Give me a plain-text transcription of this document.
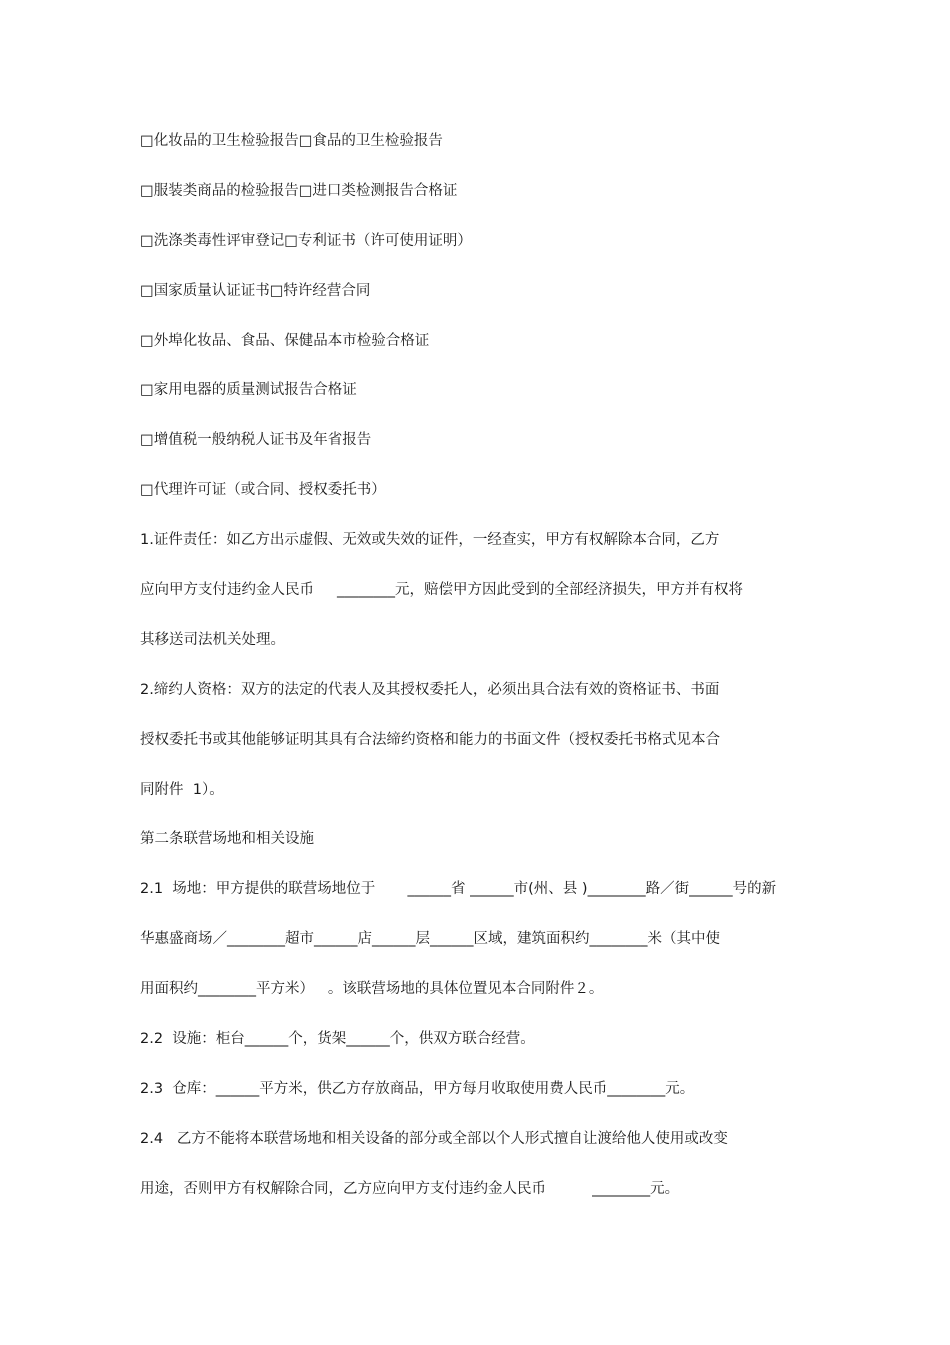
□化妆品的卫生检验报告□食品的卫生检验报告
□服装类商品的检验报告□进口类检测报告合格证
□洗涤类毒性评审登记□专利证书（许可使用证明）
□国家质量认证证书□特许经营合同
□外埠化妆品、食品、保健品本市检验合格证
□家用电器的质量测试报告合格证
□增值税一般纳税人证书及年省报告
□代理许可证（或合同、授权委托书）
1.证件责任：如乙方出示虚假、无效或失效的证件，一经查实，甲方有权解除本合同，乙方
应向甲方支付违约金人民币     ________元，赔偿甲方因此受到的全部经济损失，甲方并有权将
其移送司法机关处理。
2.缔约人资格：双方的法定的代表人及其授权委托人，必须出具合法有效的资格证书、书面
授权委托书或其他能够证明其具有合法缔约资格和能力的书面文件（授权委托书格式见本合
同附件  1）。
第二条联营场地和相关设施
2.1  场地：甲方提供的联营场地位于       ______省 ______市(州、县 )________路／街______号的新
华惠盛商场／________超市______店______层______区域，建筑面积约________米（其中使
用面积约________平方米）   。该联营场地的具体位置见本合同附件２。
2.2  设施：柜台______个，货架______个，供双方联合经营。
2.3  仓库：______平方米，供乙方存放商品，甲方每月收取使用费人民币________元。
2.4   乙方不能将本联营场地和相关设备的部分或全部以个人形式擅自让渡给他人使用或改变
用途，否则甲方有权解除合同，乙方应向甲方支付违约金人民币          ________元。
